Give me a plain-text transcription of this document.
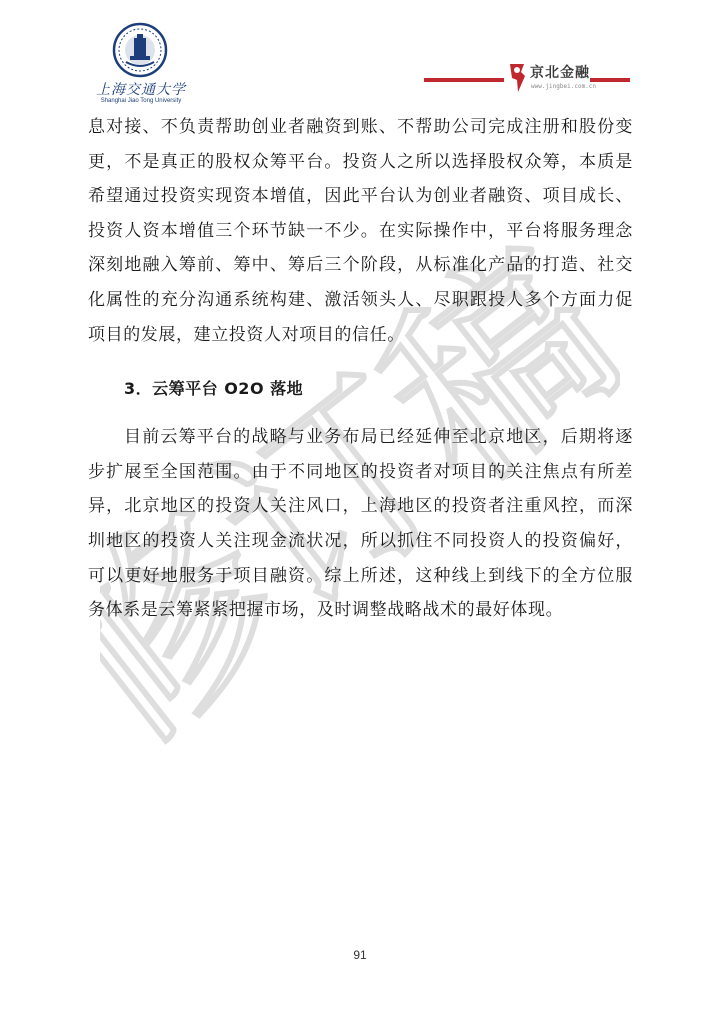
上海交通大学
Shanghai Jiao Tong University
京北金融
www.jingbei.com.cn
修订稿

息对接、不负责帮助创业者融资到账、不帮助公司完成注册和股份变更，不是真正的股权众筹平台。投资人之所以选择股权众筹，本质是希望通过投资实现资本增值，因此平台认为创业者融资、项目成长、投资人资本增值三个环节缺一不少。在实际操作中，平台将服务理念深刻地融入筹前、筹中、筹后三个阶段，从标准化产品的打造、社交化属性的充分沟通系统构建、激活领头人、尽职跟投人多个方面力促项目的发展，建立投资人对项目的信任。

3．云筹平台 O2O 落地

目前云筹平台的战略与业务布局已经延伸至北京地区，后期将逐步扩展至全国范围。由于不同地区的投资者对项目的关注焦点有所差异，北京地区的投资人关注风口，上海地区的投资者注重风控，而深圳地区的投资人关注现金流状况，所以抓住不同投资人的投资偏好，可以更好地服务于项目融资。综上所述，这种线上到线下的全方位服务体系是云筹紧紧把握市场，及时调整战略战术的最好体现。

91
